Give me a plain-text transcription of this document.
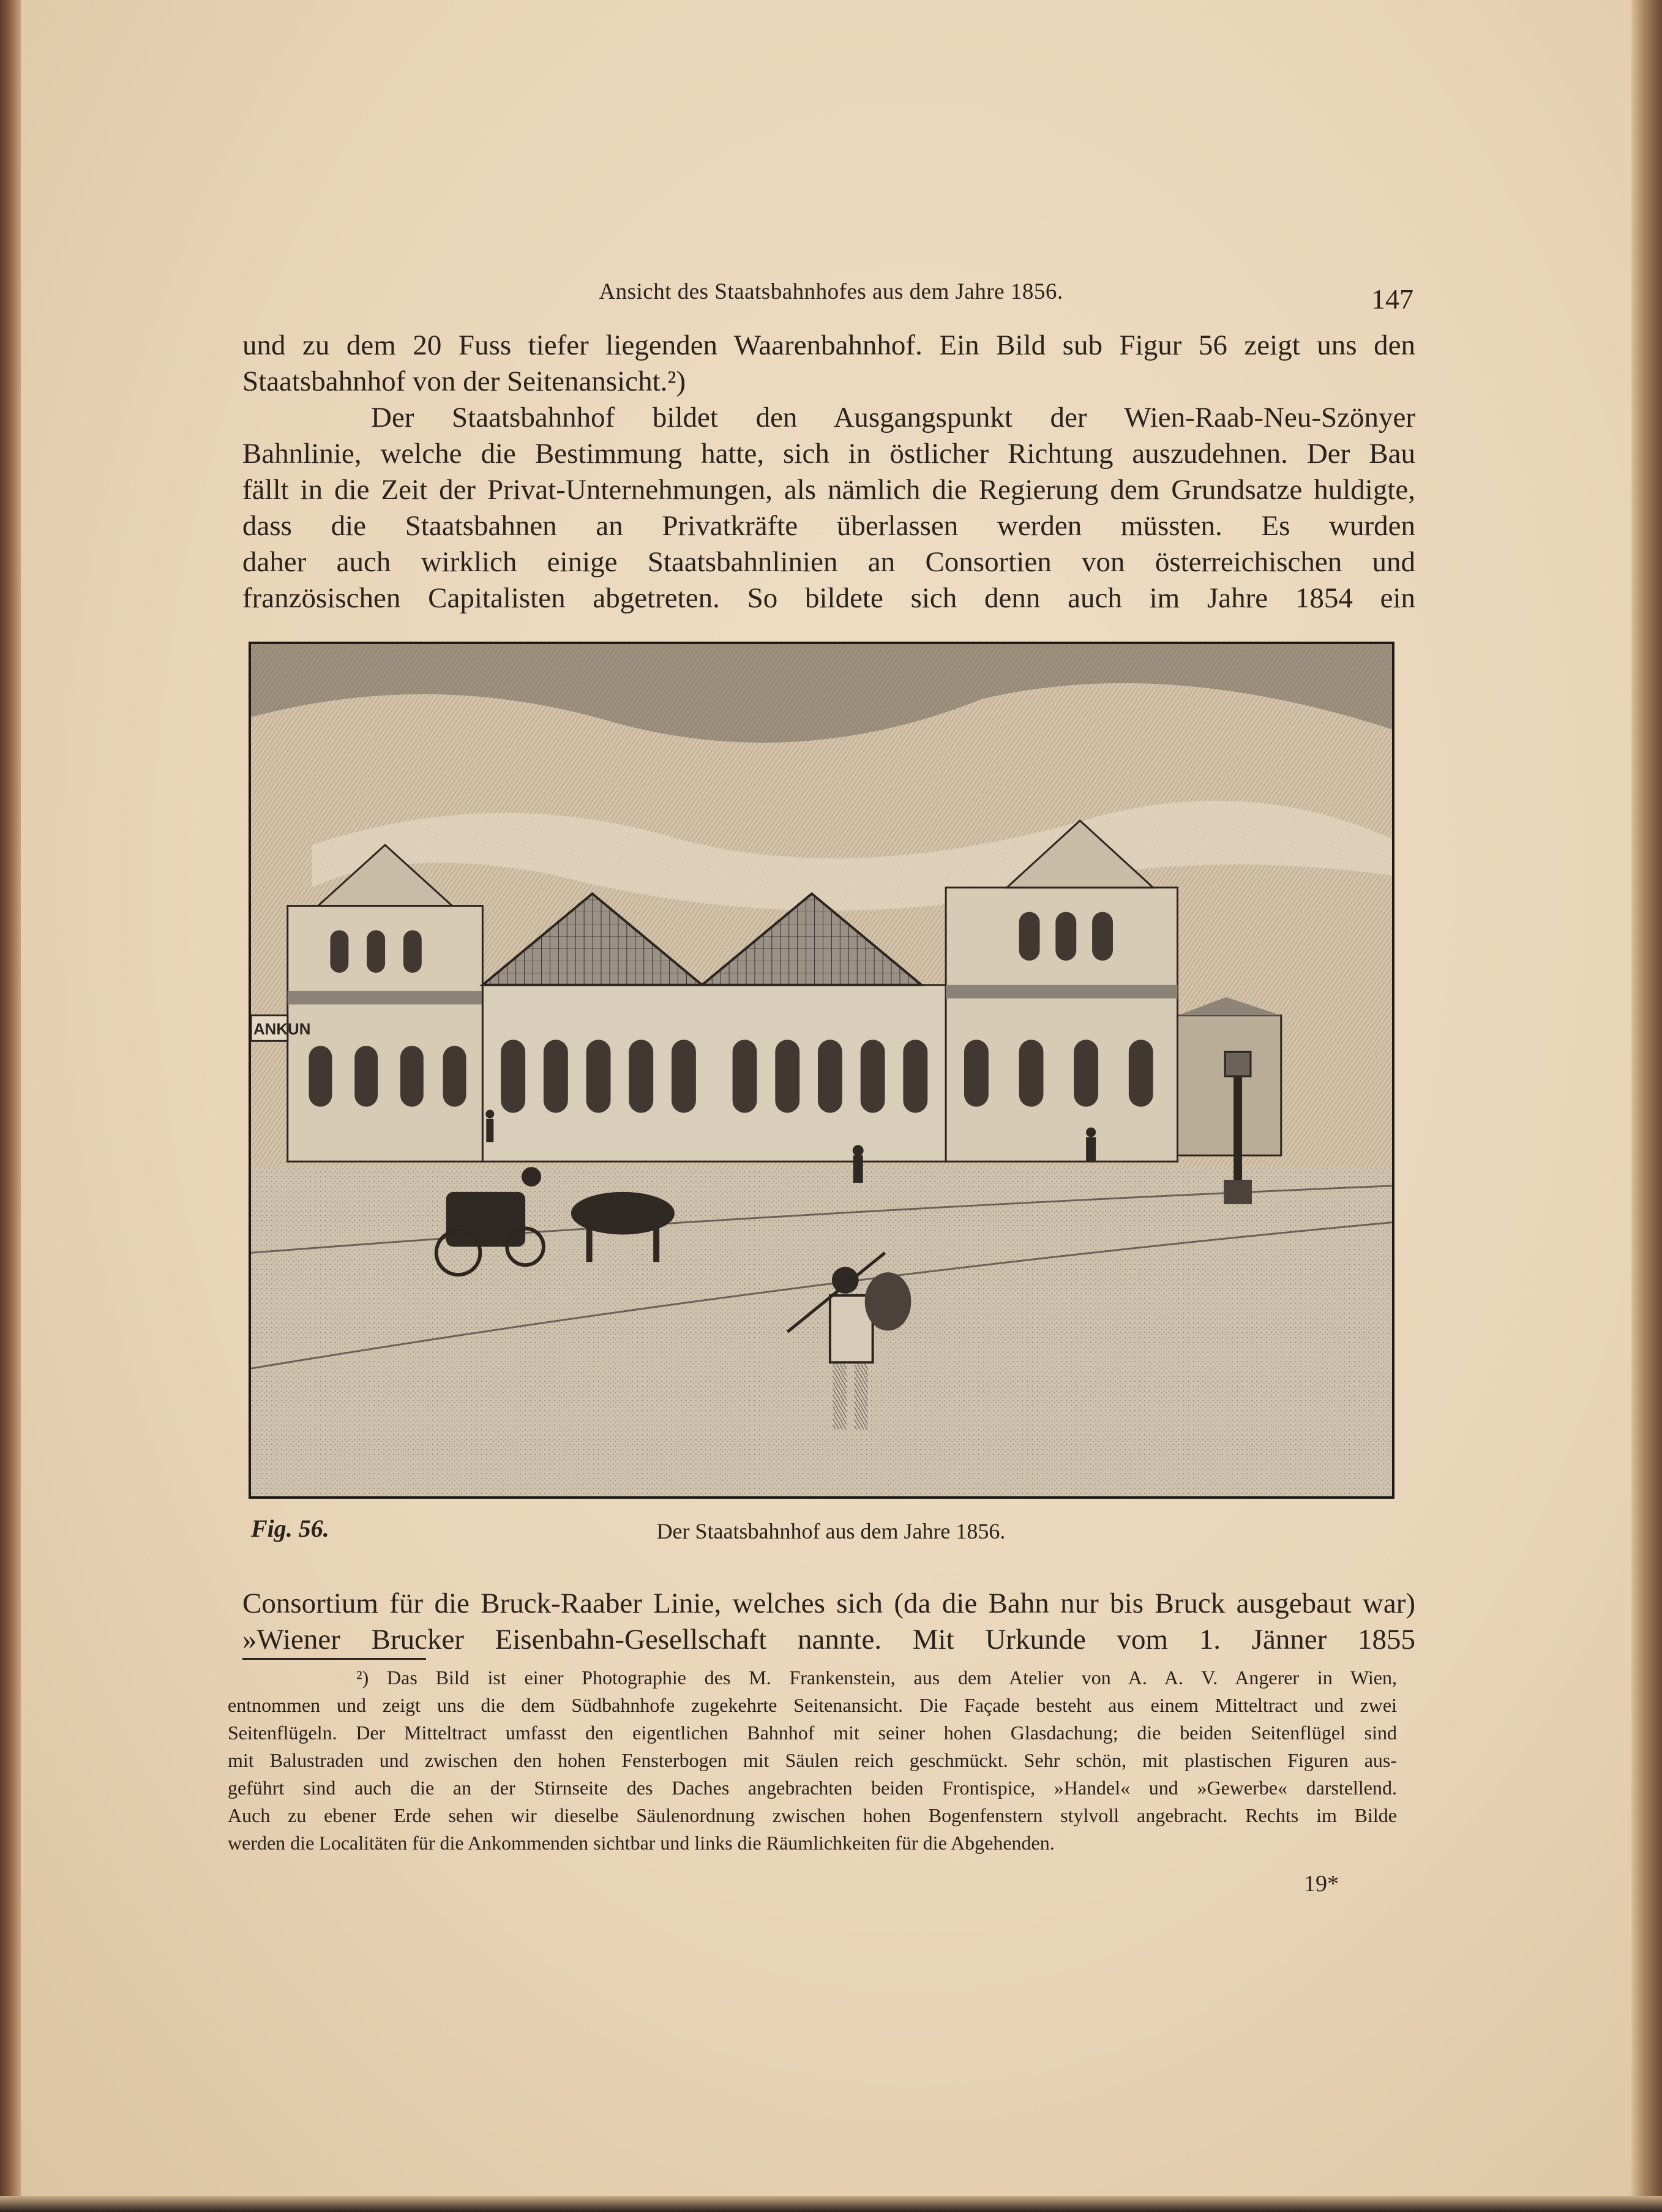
Ansicht des Staatsbahnhofes aus dem Jahre 1856.	147

und zu dem 20 Fuss tiefer liegenden Waarenbahnhof. Ein Bild sub Figur 56 zeigt uns den
Staatsbahnhof von der Seitenansicht.²)
Der Staatsbahnhof bildet den Ausgangspunkt der Wien-Raab-Neu-Szönyer
Bahnlinie, welche die Bestimmung hatte, sich in östlicher Richtung auszudehnen. Der Bau
fällt in die Zeit der Privat-Unternehmungen, als nämlich die Regierung dem Grundsatze huldigte,
dass die Staatsbahnen an Privatkräfte überlassen werden müssten. Es wurden
daher auch wirklich einige Staatsbahnlinien an Consortien von österreichischen und
französischen Capitalisten abgetreten. So bildete sich denn auch im Jahre 1854 ein

ANKUN
Fig. 56.	Der Staatsbahnhof aus dem Jahre 1856.

Consortium für die Bruck-Raaber Linie, welches sich (da die Bahn nur bis Bruck ausgebaut war)
»Wiener Brucker Eisenbahn-Gesellschaft nannte. Mit Urkunde vom 1. Jänner 1855

²) Das Bild ist einer Photographie des M. Frankenstein, aus dem Atelier von A. A. V. Angerer in Wien,
entnommen und zeigt uns die dem Südbahnhofe zugekehrte Seitenansicht. Die Façade besteht aus einem Mitteltract und zwei
Seitenflügeln. Der Mitteltract umfasst den eigentlichen Bahnhof mit seiner hohen Glasdachung; die beiden Seitenflügel sind
mit Balustraden und zwischen den hohen Fensterbogen mit Säulen reich geschmückt. Sehr schön, mit plastischen Figuren aus-
geführt sind auch die an der Stirnseite des Daches angebrachten beiden Frontispice, »Handel« und »Gewerbe« darstellend.
Auch zu ebener Erde sehen wir dieselbe Säulenordnung zwischen hohen Bogenfenstern stylvoll angebracht. Rechts im Bilde
werden die Localitäten für die Ankommenden sichtbar und links die Räumlichkeiten für die Abgehenden.

19*
